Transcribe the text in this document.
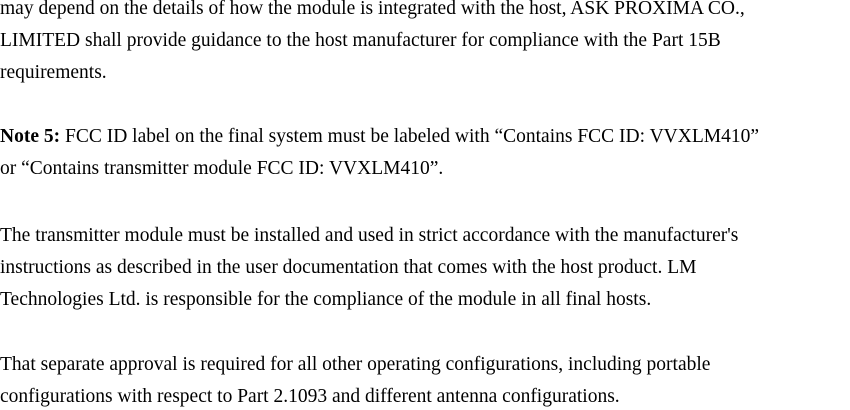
may depend on the details of how the module is integrated with the host, ASK PROXIMA CO.,
LIMITED shall provide guidance to the host manufacturer for compliance with the Part 15B
requirements.
Note 5: FCC ID label on the final system must be labeled with “Contains FCC ID: VVXLM410”
or “Contains transmitter module FCC ID: VVXLM410”.
The transmitter module must be installed and used in strict accordance with the manufacturer's
instructions as described in the user documentation that comes with the host product. LM
Technologies Ltd. is responsible for the compliance of the module in all final hosts.
That separate approval is required for all other operating configurations, including portable
configurations with respect to Part 2.1093 and different antenna configurations.
